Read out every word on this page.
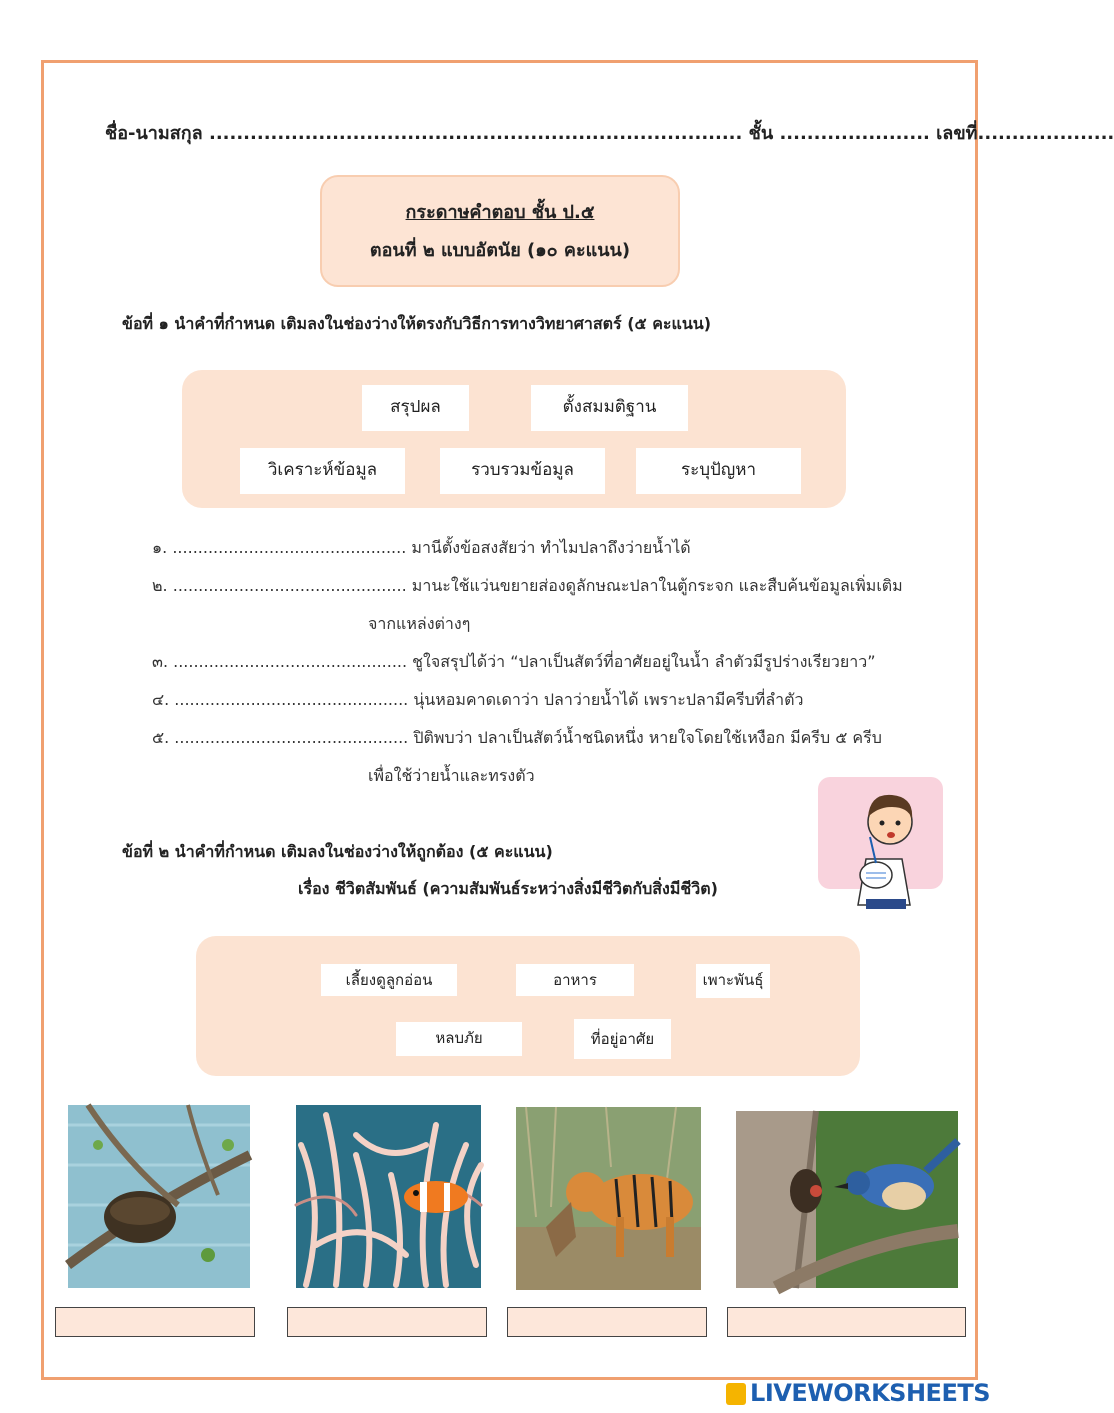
ชื่อ-นามสกุล .............................................................................. ชั้น ...................... เลขที่....................
กระดาษคำตอบ ชั้น ป.๕
ตอนที่ ๒ แบบอัตนัย (๑๐ คะแนน)
ข้อที่ ๑ นำคำที่กำหนด เติมลงในช่องว่างให้ตรงกับวิธีการทางวิทยาศาสตร์ (๕ คะแนน)
สรุปผล	ตั้งสมมติฐาน
วิเคราะห์ข้อมูล	รวบรวมข้อมูล	ระบุปัญหา
๑. .............................................. มานีตั้งข้อสงสัยว่า ทำไมปลาถึงว่ายน้ำได้
๒. .............................................. มานะใช้แว่นขยายส่องดูลักษณะปลาในตู้กระจก และสืบค้นข้อมูลเพิ่มเติม
จากแหล่งต่างๆ
๓. .............................................. ชูใจสรุปได้ว่า “ปลาเป็นสัตว์ที่อาศัยอยู่ในน้ำ ลำตัวมีรูปร่างเรียวยาว”
๔. .............................................. นุ่นหอมคาดเดาว่า ปลาว่ายน้ำได้ เพราะปลามีครีบที่ลำตัว
๕. .............................................. ปิติพบว่า ปลาเป็นสัตว์น้ำชนิดหนึ่ง หายใจโดยใช้เหงือก มีครีบ ๕ ครีบ
เพื่อใช้ว่ายน้ำและทรงตัว
ข้อที่ ๒ นำคำที่กำหนด เติมลงในช่องว่างให้ถูกต้อง (๕ คะแนน)
เรื่อง ชีวิตสัมพันธ์ (ความสัมพันธ์ระหว่างสิ่งมีชีวิตกับสิ่งมีชีวิต)
เลี้ยงดูลูกอ่อน	อาหาร	เพาะพันธุ์
หลบภัย	ที่อยู่อาศัย
LIVEWORKSHEETS
